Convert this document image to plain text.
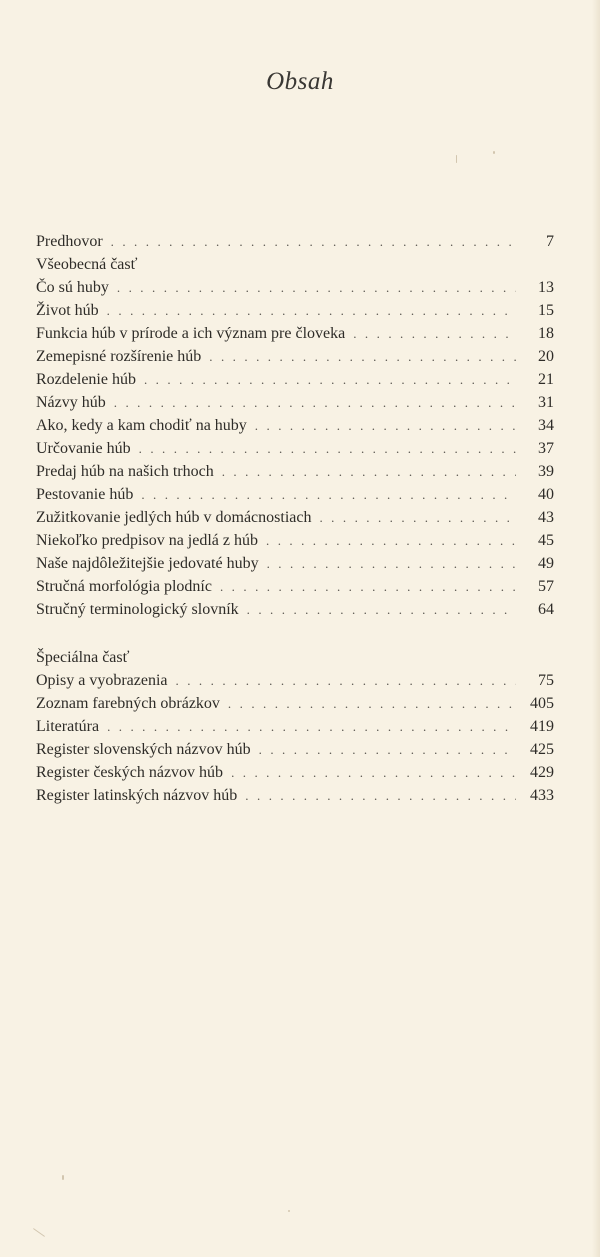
Obsah
Predhovor . . .	7
Všeobecná časť
Čo sú huby . . .	13
Život húb . . .	15
Funkcia húb v prírode a ich význam pre človeka . . .	18
Zemepisné rozšírenie húb . . .	20
Rozdelenie húb . . .	21
Názvy húb . . .	31
Ako, kedy a kam chodiť na huby . . .	34
Určovanie húb . . .	37
Predaj húb na našich trhoch . . .	39
Pestovanie húb . . .	40
Zužitkovanie jedlých húb v domácnostiach . . .	43
Niekoľko predpisov na jedlá z húb . . .	45
Naše najdôležitejšie jedovaté huby . . .	49
Stručná morfológia plodníc . . .	57
Stručný terminologický slovník . . .	64
Špeciálna časť
Opisy a vyobrazenia . . .	75
Zoznam farebných obrázkov . . .	405
Literatúra . . .	419
Register slovenských názvov húb . . .	425
Register českých názvov húb . . .	429
Register latinských názvov húb . . .	433
